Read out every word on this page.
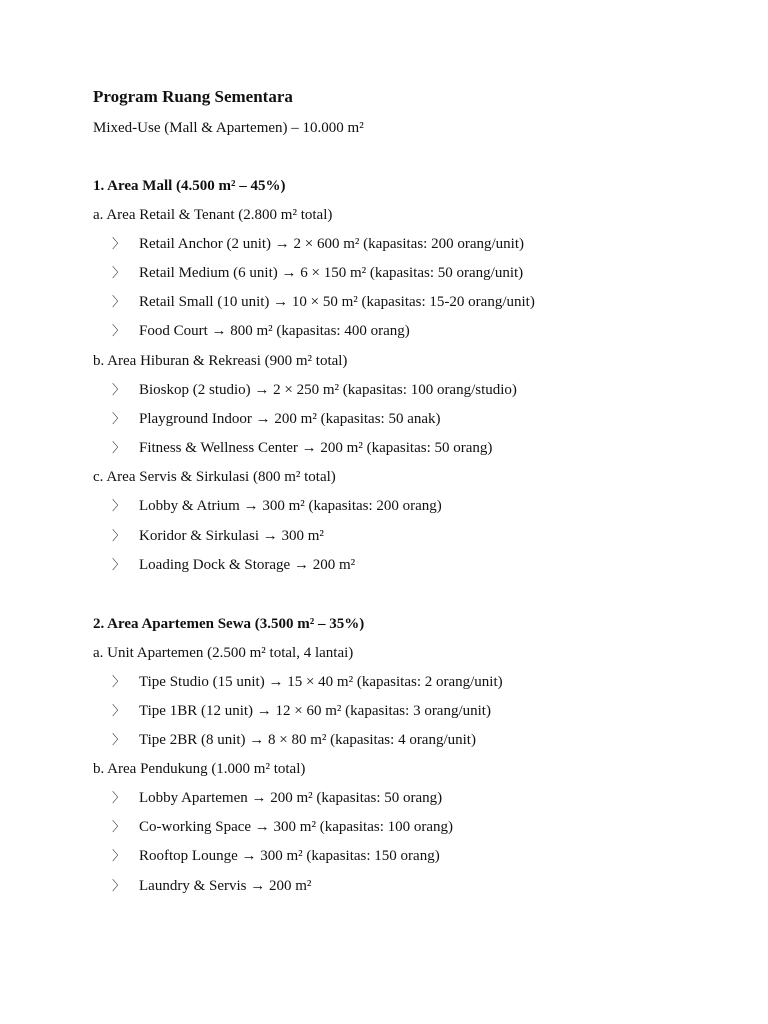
Program Ruang Sementara
Mixed-Use (Mall & Apartemen) – 10.000 m²
1. Area Mall (4.500 m² – 45%)
a. Area Retail & Tenant (2.800 m² total)
〉 Retail Anchor (2 unit) → 2 × 600 m² (kapasitas: 200 orang/unit)
〉 Retail Medium (6 unit) → 6 × 150 m² (kapasitas: 50 orang/unit)
〉 Retail Small (10 unit) → 10 × 50 m² (kapasitas: 15-20 orang/unit)
〉 Food Court → 800 m² (kapasitas: 400 orang)
b. Area Hiburan & Rekreasi (900 m² total)
〉 Bioskop (2 studio) → 2 × 250 m² (kapasitas: 100 orang/studio)
〉 Playground Indoor → 200 m² (kapasitas: 50 anak)
〉 Fitness & Wellness Center → 200 m² (kapasitas: 50 orang)
c. Area Servis & Sirkulasi (800 m² total)
〉 Lobby & Atrium → 300 m² (kapasitas: 200 orang)
〉 Koridor & Sirkulasi → 300 m²
〉 Loading Dock & Storage → 200 m²
2. Area Apartemen Sewa (3.500 m² – 35%)
a. Unit Apartemen (2.500 m² total, 4 lantai)
〉 Tipe Studio (15 unit) → 15 × 40 m² (kapasitas: 2 orang/unit)
〉 Tipe 1BR (12 unit) → 12 × 60 m² (kapasitas: 3 orang/unit)
〉 Tipe 2BR (8 unit) → 8 × 80 m² (kapasitas: 4 orang/unit)
b. Area Pendukung (1.000 m² total)
〉 Lobby Apartemen → 200 m² (kapasitas: 50 orang)
〉 Co-working Space → 300 m² (kapasitas: 100 orang)
〉 Rooftop Lounge → 300 m² (kapasitas: 150 orang)
〉 Laundry & Servis → 200 m²
